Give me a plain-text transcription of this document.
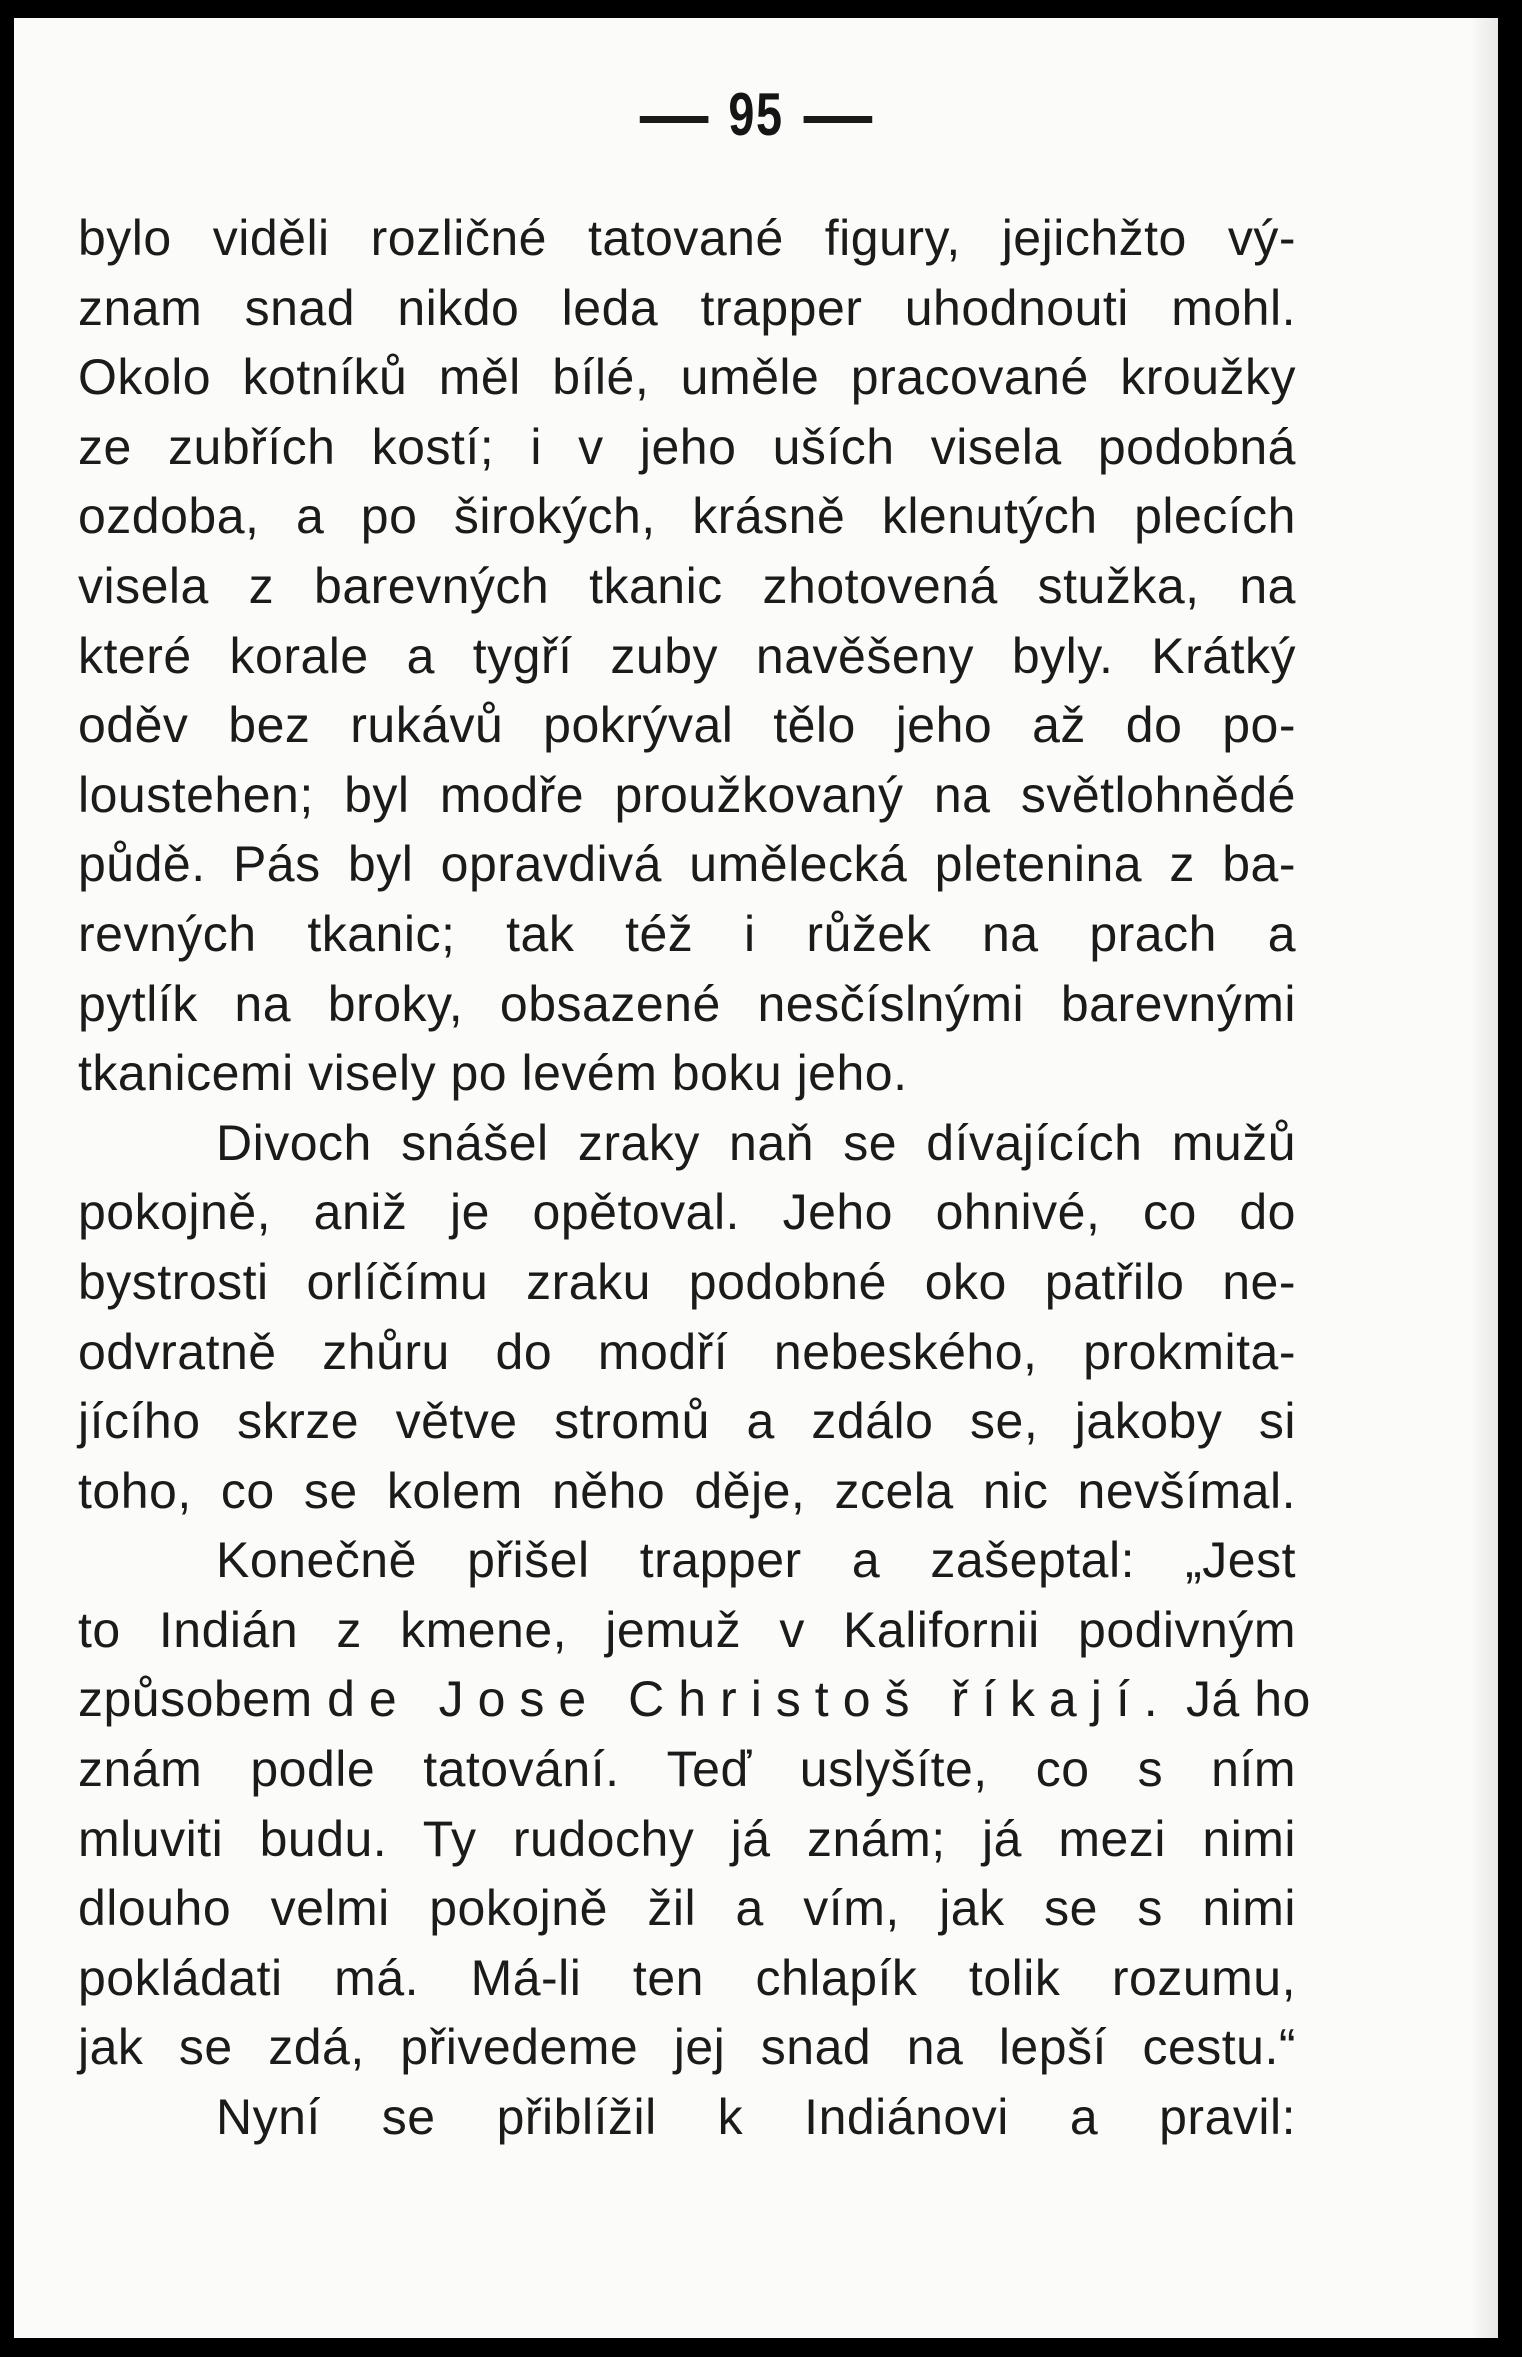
95
bylo viděli rozličné tatované figury, jejichžto vý-
znam snad nikdo leda trapper uhodnouti mohl.
Okolo kotníků měl bílé, uměle pracované kroužky
ze zubřích kostí; i v jeho uších visela podobná
ozdoba, a po širokých, krásně klenutých plecích
visela z barevných tkanic zhotovená stužka, na
které korale a tygří zuby navěšeny byly. Krátký
oděv bez rukávů pokrýval tělo jeho až do po-
loustehen; byl modře proužkovaný na světlohnědé
půdě. Pás byl opravdivá umělecká pletenina z ba-
revných tkanic; tak též i růžek na prach a
pytlík na broky, obsazené nesčíslnými barevnými
tkanicemi visely po levém boku jeho.
Divoch snášel zraky naň se dívajících mužů
pokojně, aniž je opětoval. Jeho ohnivé, co do
bystrosti orlíčímu zraku podobné oko patřilo ne-
odvratně zhůru do modří nebeského, prokmita-
jícího skrze větve stromů a zdálo se, jakoby si
toho, co se kolem něho děje, zcela nic nevšímal.
Konečně přišel trapper a zašeptal: „Jest
to Indián z kmene, jemuž v Kalifornii podivným
způsobem de Jose Christoš říkají. Já ho
znám podle tatování. Teď uslyšíte, co s ním
mluviti budu. Ty rudochy já znám; já mezi nimi
dlouho velmi pokojně žil a vím, jak se s nimi
pokládati má. Má-li ten chlapík tolik rozumu,
jak se zdá, přivedeme jej snad na lepší cestu.“
Nyní se přiblížil k Indiánovi a pravil:
